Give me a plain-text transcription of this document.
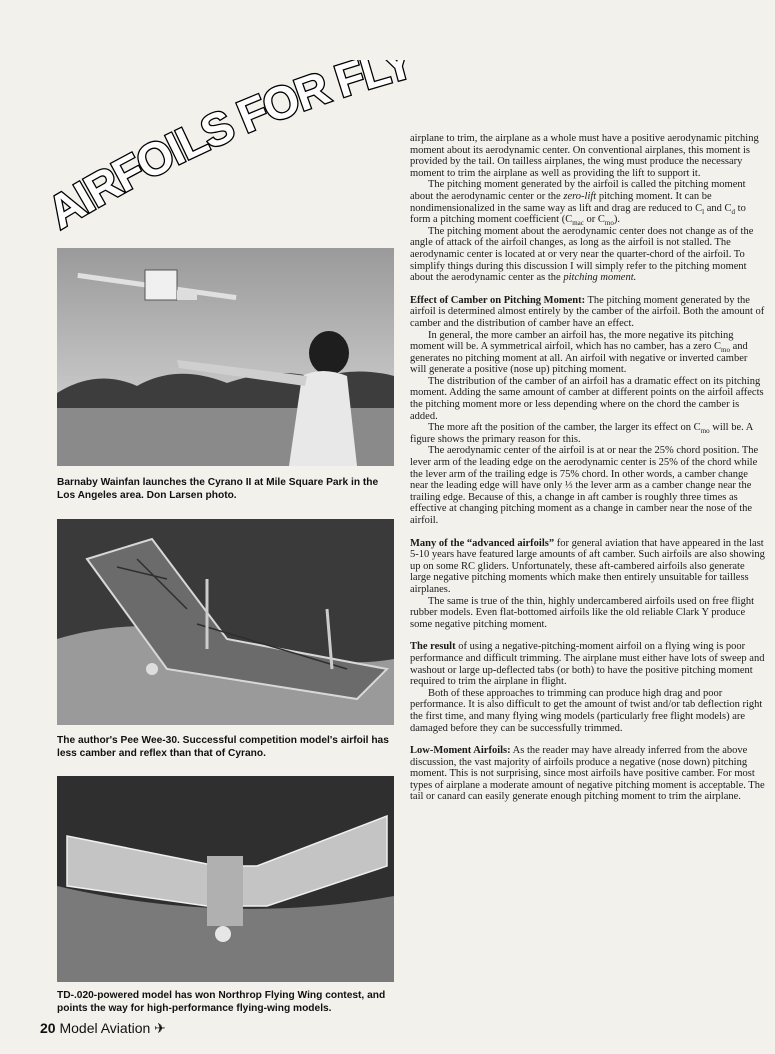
AIRFOILS FOR FLY

Barnaby Wainfan launches the Cyrano II at Mile Square Park in the Los Angeles area. Don Larsen photo.

The author's Pee Wee-30. Successful competition model's airfoil has less camber and reflex than that of Cyrano.

TD-.020-powered model has won Northrop Flying Wing contest, and points the way for high-performance flying-wing models.

airplane to trim, the airplane as a whole must have a positive aerodynamic pitching moment about its aerodynamic center. On conventional airplanes, this moment is provided by the tail. On tailless airplanes, the wing must produce the necessary moment to trim the airplane as well as providing the lift to support it.

The pitching moment generated by the airfoil is called the pitching moment about the aerodynamic center or the zero-lift pitching moment. It can be nondimensionalized in the same way as lift and drag are reduced to $C_l$ and $C_d$ to form a pitching moment coefficient ($C_{mac}$ or $C_{mo}$).

The pitching moment about the aerodynamic center does not change as of the angle of attack of the airfoil changes, as long as the airfoil is not stalled. The aerodynamic center is located at or very near the quarter-chord of the airfoil. To simplify things during this discussion I will simply refer to the pitching moment about the aerodynamic center as the pitching moment.

Effect of Camber on Pitching Moment: The pitching moment generated by the airfoil is determined almost entirely by the camber of the airfoil. Both the amount of camber and the distribution of camber have an effect.

In general, the more camber an airfoil has, the more negative its pitching moment will be. A symmetrical airfoil, which has no camber, has a zero $C_{mo}$ and generates no pitching moment at all. An airfoil with negative or inverted camber will generate a positive (nose up) pitching moment.

The distribution of the camber of an airfoil has a dramatic effect on its pitching moment. Adding the same amount of camber at different points on the airfoil affects the pitching moment more or less depending where on the chord the camber is added.

The more aft the position of the camber, the larger its effect on $C_{mo}$ will be. A figure shows the primary reason for this.

The aerodynamic center of the airfoil is at or near the 25% chord position. The lever arm of the leading edge on the aerodynamic center is 25% of the chord while the lever arm of the trailing edge is 75% chord. In other words, a camber change near the leading edge will have only ⅓ the lever arm as a camber change near the trailing edge. Because of this, a change in aft camber is roughly three times as effective at changing pitching moment as a change in camber near the nose of the airfoil.

Many of the “advanced airfoils” for general aviation that have appeared in the last 5-10 years have featured large amounts of aft camber. Such airfoils are also showing up on some RC gliders. Unfortunately, these aft-cambered airfoils also generate large negative pitching moments which make then entirely unsuitable for tailless airplanes.

The same is true of the thin, highly undercambered airfoils used on free flight rubber models. Even flat-bottomed airfoils like the old reliable Clark Y produce some negative pitching moment.

The result of using a negative-pitching-moment airfoil on a flying wing is poor performance and difficult trimming. The airplane must either have lots of sweep and washout or large up-deflected tabs (or both) to have the positive pitching moment required to trim the airplane in flight.

Both of these approaches to trimming can produce high drag and poor performance. It is also difficult to get the amount of twist and/or tab deflection right the first time, and many flying wing models (particularly free flight models) are damaged before they can be successfully trimmed.

Low-Moment Airfoils: As the reader may have already inferred from the above discussion, the vast majority of airfoils produce a negative (nose down) pitching moment. This is not surprising, since most airfoils have positive camber. For most types of airplane a moderate amount of negative pitching moment is acceptable. The tail or canard can easily generate enough pitching moment to trim the airplane.

20 Model Aviation ✈
